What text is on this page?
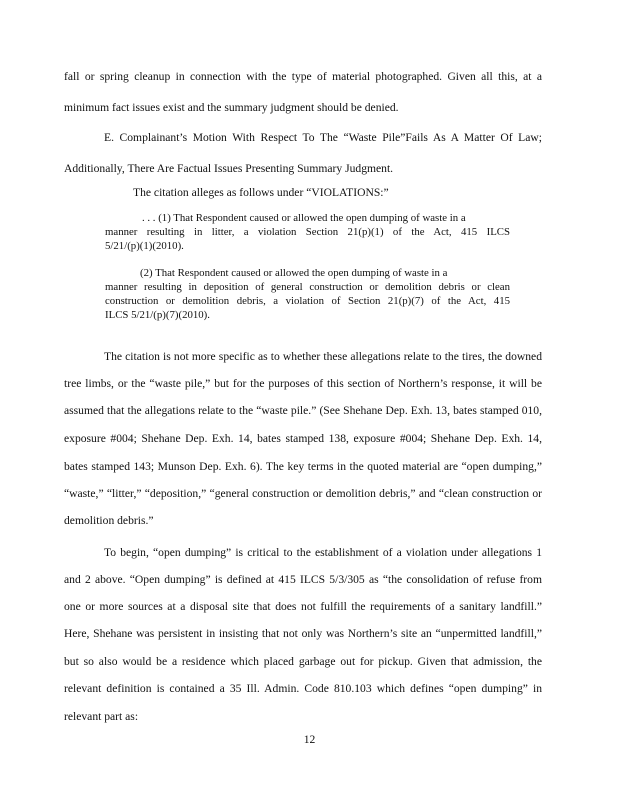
fall or spring cleanup in connection with the type of material photographed. Given all this, at a
minimum fact issues exist and the summary judgment should be denied.
E. Complainant’s Motion With Respect To The “Waste Pile”Fails As A Matter Of Law;
Additionally, There Are Factual Issues Presenting Summary Judgment.
The citation alleges as follows under “VIOLATIONS:”
. . . (1) That Respondent caused or allowed the open dumping of waste in a
manner resulting in litter, a violation Section 21(p)(1) of the Act, 415 ILCS
5/21/(p)(1)(2010).
(2) That Respondent caused or allowed the open dumping of waste in a
manner resulting in deposition of general construction or demolition debris or clean
construction or demolition debris, a violation of Section 21(p)(7) of the Act, 415
ILCS 5/21/(p)(7)(2010).
The citation is not more specific as to whether these allegations relate to the tires, the downed
tree limbs, or the “waste pile,” but for the purposes of this section of Northern’s response, it will be
assumed that the allegations relate to the “waste pile.” (See Shehane Dep. Exh. 13, bates stamped 010,
exposure #004; Shehane Dep. Exh. 14, bates stamped 138, exposure #004; Shehane Dep. Exh. 14,
bates stamped 143; Munson Dep. Exh. 6). The key terms in the quoted material are “open dumping,”
“waste,” “litter,” “deposition,” “general construction or demolition debris,” and “clean construction or
demolition debris.”
To begin, “open dumping” is critical to the establishment of a violation under allegations 1
and 2 above. “Open dumping” is defined at 415 ILCS 5/3/305 as “the consolidation of refuse from
one or more sources at a disposal site that does not fulfill the requirements of a sanitary landfill.”
Here, Shehane was persistent in insisting that not only was Northern’s site an “unpermitted landfill,”
but so also would be a residence which placed garbage out for pickup. Given that admission, the
relevant definition is contained a 35 Ill. Admin. Code 810.103 which defines “open dumping” in
relevant part as:
12
